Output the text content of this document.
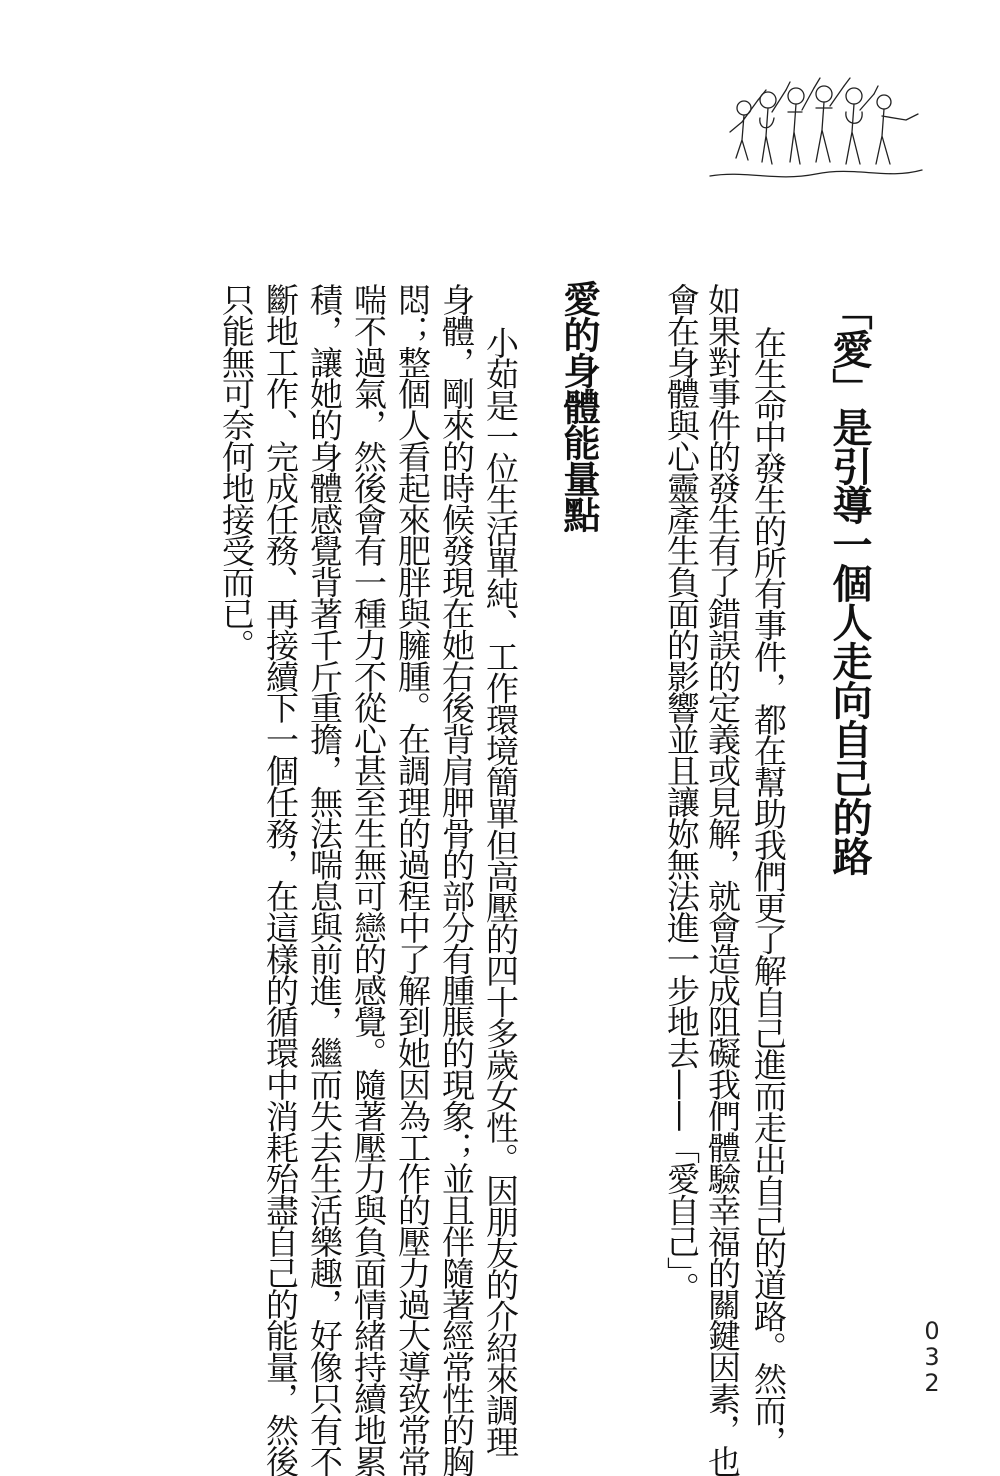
「愛」是引導一個人走向自己的路
在生命中發生的所有事件，都在幫助我們更了解自己進而走出自己的道路。然而，
如果對事件的發生有了錯誤的定義或見解，就會造成阻礙我們體驗幸福的關鍵因素，也
會在身體與心靈產生負面的影響並且讓妳無法進一步地去——「愛自己」。
愛的身體能量點
小茹是一位生活單純、工作環境簡單但高壓的四十多歲女性。因朋友的介紹來調理
身體，剛來的時候發現在她右後背肩胛骨的部分有腫脹的現象；並且伴隨著經常性的胸
悶；整個人看起來肥胖與臃腫。在調理的過程中了解到她因為工作的壓力過大導致常常
喘不過氣，然後會有一種力不從心甚至生無可戀的感覺。隨著壓力與負面情緒持續地累
積，讓她的身體感覺背著千斤重擔，無法喘息與前進，繼而失去生活樂趣，好像只有不
斷地工作、完成任務、再接續下一個任務，在這樣的循環中消耗殆盡自己的能量，然後
只能無可奈何地接受而已。
032
